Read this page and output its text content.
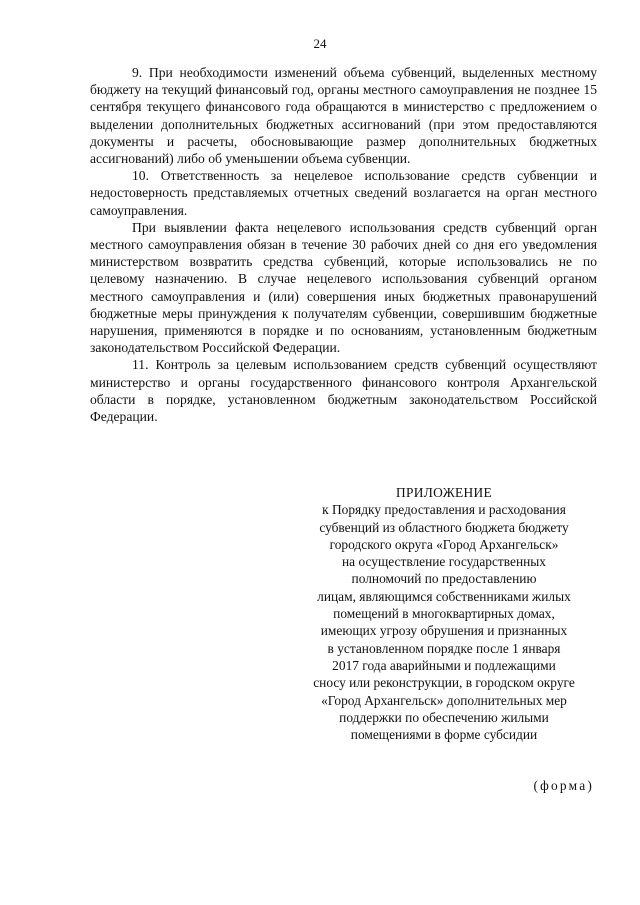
24

9. При необходимости изменений объема субвенций, выделенных местному бюджету на текущий финансовый год, органы местного самоуправления не позднее 15 сентября текущего финансового года обращаются в министерство с предложением о выделении дополнительных бюджетных ассигнований (при этом предоставляются документы и расчеты, обосновывающие размер дополнительных бюджетных ассигнований) либо об уменьшении объема субвенции.

10. Ответственность за нецелевое использование средств субвенции и недостоверность представляемых отчетных сведений возлагается на орган местного самоуправления.

При выявлении факта нецелевого использования средств субвенций орган местного самоуправления обязан в течение 30 рабочих дней со дня его уведомления министерством возвратить средства субвенций, которые использовались не по целевому назначению. В случае нецелевого использования субвенций органом местного самоуправления и (или) совершения иных бюджетных правонарушений бюджетные меры принуждения к получателям субвенции, совершившим бюджетные нарушения, применяются в порядке и по основаниям, установленным бюджетным законодательством Российской Федерации.

11. Контроль за целевым использованием средств субвенций осуществляют министерство и органы государственного финансового контроля Архангельской области в порядке, установленном бюджетным законодательством Российской Федерации.

ПРИЛОЖЕНИЕ
к Порядку предоставления и расходования
субвенций из областного бюджета бюджету
городского округа «Город Архангельск»
на осуществление государственных
полномочий по предоставлению
лицам, являющимся собственниками жилых
помещений в многоквартирных домах,
имеющих угрозу обрушения и признанных
в установленном порядке после 1 января
2017 года аварийными и подлежащими
сносу или реконструкции, в городском округе
«Город Архангельск» дополнительных мер
поддержки по обеспечению жилыми
помещениями в форме субсидии
(форма)
